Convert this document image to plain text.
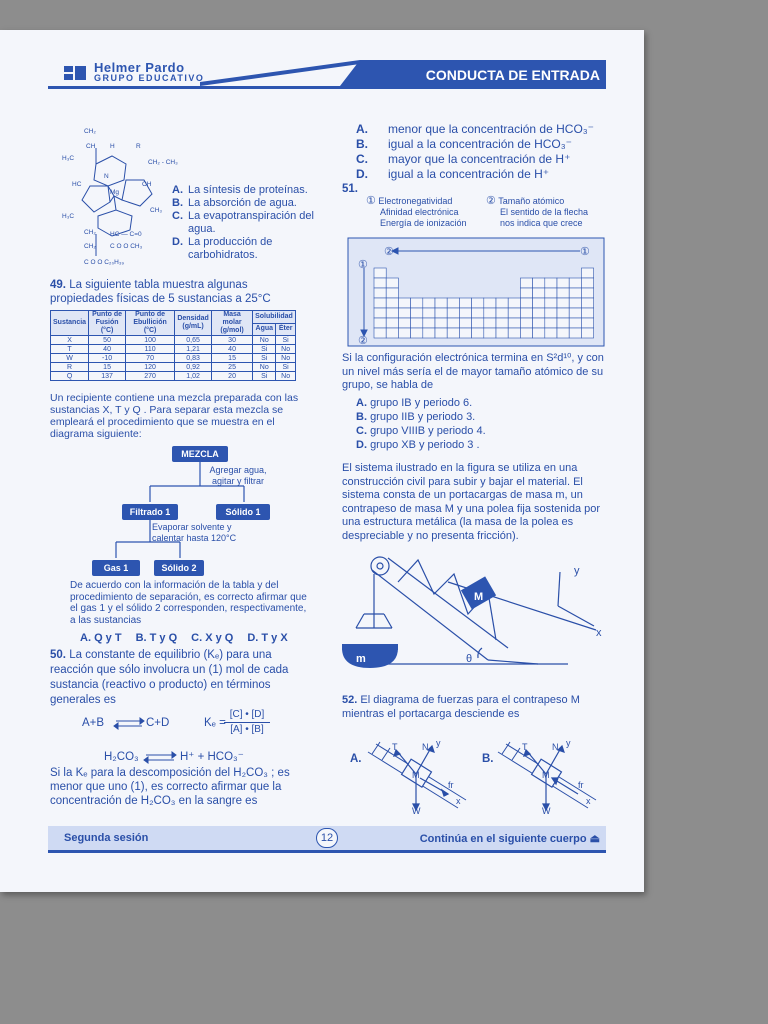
Helmer Pardo
GRUPO EDUCATIVO	CONDUCTA DE ENTRADA
CH₂
CH H	R
CH₂ - CH₃
H₃C
HC
N
Mg
CH
CH₃
H₃C
CH₂ HC — C=0
CH₂ C O O CH₃
C O O C₂₀H₃₉
A. La síntesis de proteínas.
B. La absorción de agua.
C. La evapotranspiración del agua.
D. La producción de carbohidratos.
49. La siguiente tabla muestra algunas propiedades físicas de 5 sustancias a 25°C
Sustancia	Punto de Fusión (°C)	Punto de Ebullición (°C)	Densidad (g/mL)	Masa molar (g/mol)	Solubilidad	
					Agua	Éter
X	50	100	0,65	30	No	Si
T	40	110	1,21	40	Si	No
W	-10	70	0,83	15	Si	No
R	15	120	0,92	25	No	Si
Q	137	270	1,02	20	Si	No
Un recipiente contiene una mezcla preparada con las sustancias X, T y Q . Para separar esta mezcla se empleará el procedimiento que se muestra en el diagrama siguiente:
MEZCLA
Agregar agua, agitar y filtrar
Filtrado 1	Sólido 1
Evaporar solvente y calentar hasta 120°C
Gas 1	Sólido 2
De acuerdo con la información de la tabla y del procedimiento de separación, es correcto afirmar que el gas 1 y el sólido 2 corresponden, respectivamente, a las sustancias
A. Q y T B. T y Q C. X y Q D. T y X
50. La constante de equilibrio (Kₑ) para una reacción que sólo involucra un (1) mol de cada sustancia (reactivo o producto) en términos generales es
A+B ⇌ C+D	Kₑ =
[C] • [D]
[A] • [B]
H₂CO₃ ⇌ H⁺ + HCO₃⁻
Si la Kₑ para la descomposición del H₂CO₃ ; es menor que uno (1), es correcto afirmar que la concentración de H₂CO₃ en la sangre es
A. menor que la concentración de HCO₃⁻
B. igual a la concentración de HCO₃⁻
C. mayor que la concentración de H⁺
D. igual a la concentración de H⁺
51.
① Electronegatividad
Afinidad electrónica
Energía de ionización
② Tamaño atómico
El sentido de la flecha
nos indica que crece
②	①
①
②
Si la configuración electrónica termina en S²d¹⁰, y con un nivel más sería el de mayor tamaño atómico de su grupo, se habla de
A. grupo IB y periodo 6.
B. grupo IIB y periodo 3.
C. grupo VIIIB y periodo 4.
D. grupo XB y periodo 3 .
El sistema ilustrado en la figura se utiliza en una construcción civil para subir y bajar el material. El sistema consta de un portacargas de masa m, un contrapeso de masa M y una polea fija sostenida por una estructura metálica (la masa de la polea es despreciable y no presenta fricción).
M
m	θ
x
y
52. El diagrama de fuerzas para el contrapeso M mientras el portacarga desciende es
A.
T	N y
M
fr
x
W
B.
T	N y
M
fr
x
W
Segunda sesión	12	Continúa en el siguiente cuerpo ⏏
